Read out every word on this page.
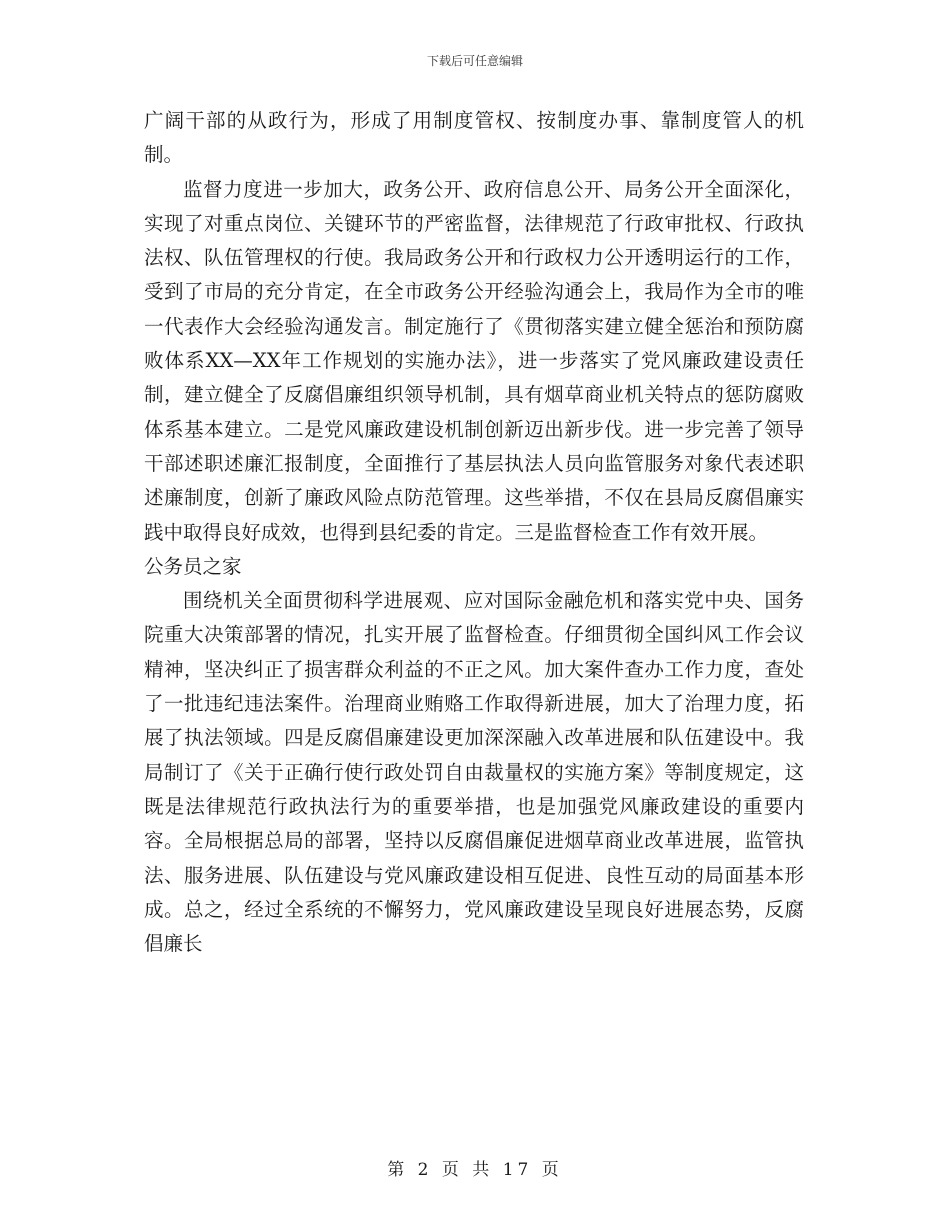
下载后可任意编辑

广阔干部的从政行为，形成了用制度管权、按制度办事、靠制度管人的机制。

监督力度进一步加大，政务公开、政府信息公开、局务公开全面深化，实现了对重点岗位、关键环节的严密监督，法律规范了行政审批权、行政执法权、队伍管理权的行使。我局政务公开和行政权力公开透明运行的工作，受到了市局的充分肯定，在全市政务公开经验沟通会上，我局作为全市的唯一代表作大会经验沟通发言。制定施行了《贯彻落实建立健全惩治和预防腐败体系XX—XX年工作规划的实施办法》，进一步落实了党风廉政建设责任制，建立健全了反腐倡廉组织领导机制，具有烟草商业机关特点的惩防腐败体系基本建立。二是党风廉政建设机制创新迈出新步伐。进一步完善了领导干部述职述廉汇报制度，全面推行了基层执法人员向监管服务对象代表述职述廉制度，创新了廉政风险点防范管理。这些举措，不仅在县局反腐倡廉实践中取得良好成效，也得到县纪委的肯定。三是监督检查工作有效开展。

公务员之家

围绕机关全面贯彻科学进展观、应对国际金融危机和落实党中央、国务院重大决策部署的情况，扎实开展了监督检查。仔细贯彻全国纠风工作会议精神，坚决纠正了损害群众利益的不正之风。加大案件查办工作力度，查处了一批违纪违法案件。治理商业贿赂工作取得新进展，加大了治理力度，拓展了执法领域。四是反腐倡廉建设更加深深融入改革进展和队伍建设中。我局制订了《关于正确行使行政处罚自由裁量权的实施方案》等制度规定，这既是法律规范行政执法行为的重要举措，也是加强党风廉政建设的重要内容。全局根据总局的部署，坚持以反腐倡廉促进烟草商业改革进展，监管执法、服务进展、队伍建设与党风廉政建设相互促进、良性互动的局面基本形成。总之，经过全系统的不懈努力，党风廉政建设呈现良好进展态势，反腐倡廉长

第 2 页 共 17 页
